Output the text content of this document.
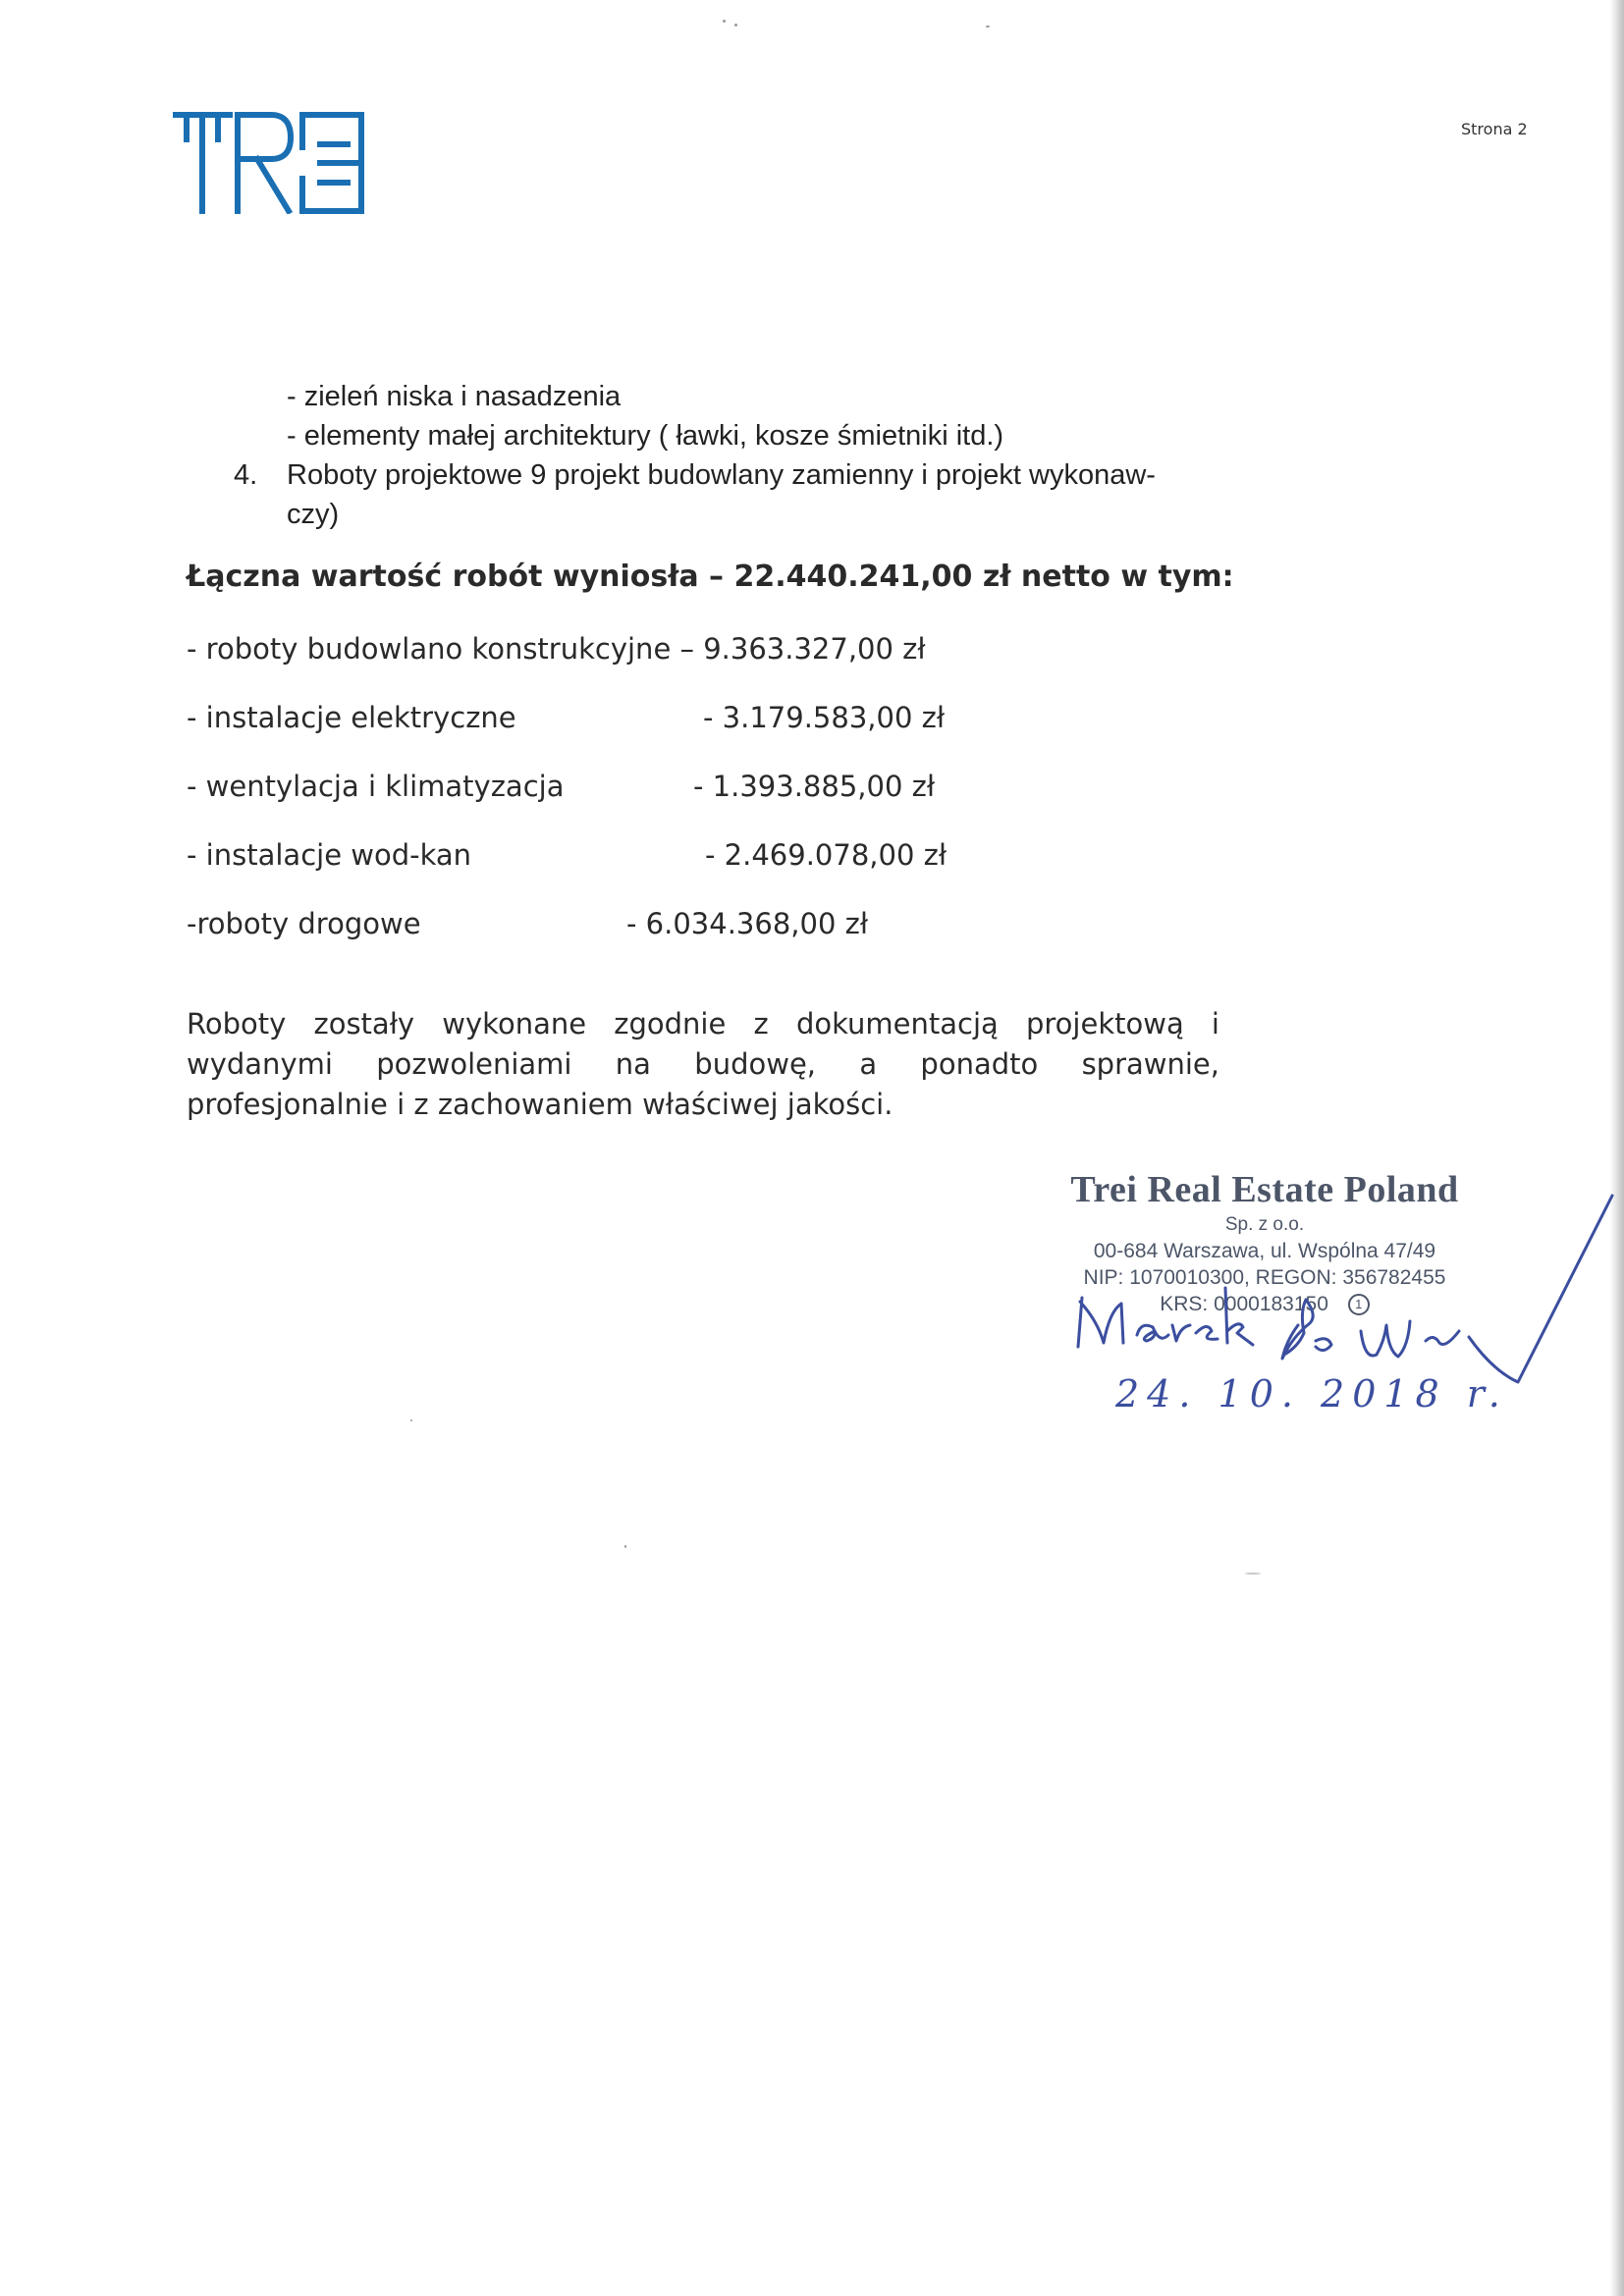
Strona 2
- zieleń niska i nasadzenia
- elementy małej architektury ( ławki, kosze śmietniki itd.)
4. Roboty projektowe 9 projekt budowlany zamienny i projekt wykonaw-
czy)
Łączna wartość robót wyniosła – 22.440.241,00 zł netto w tym:
- roboty budowlano konstrukcyjne – 9.363.327,00 zł
- instalacje elektryczne	- 3.179.583,00 zł
- wentylacja i klimatyzacja	- 1.393.885,00 zł
- instalacje wod-kan	- 2.469.078,00 zł
-roboty drogowe	- 6.034.368,00 zł

Roboty zostały wykonane zgodnie z dokumentacją projektową i wydanymi pozwoleniami na budowę, a ponadto sprawnie, profesjonalnie i z zachowaniem właściwej jakości.

Trei Real Estate Poland
Sp. z o.o.
00-684 Warszawa, ul. Wspólna 47/49
NIP: 1070010300, REGON: 356782455
KRS: 0000183150 1
24. 10. 2018 r.
